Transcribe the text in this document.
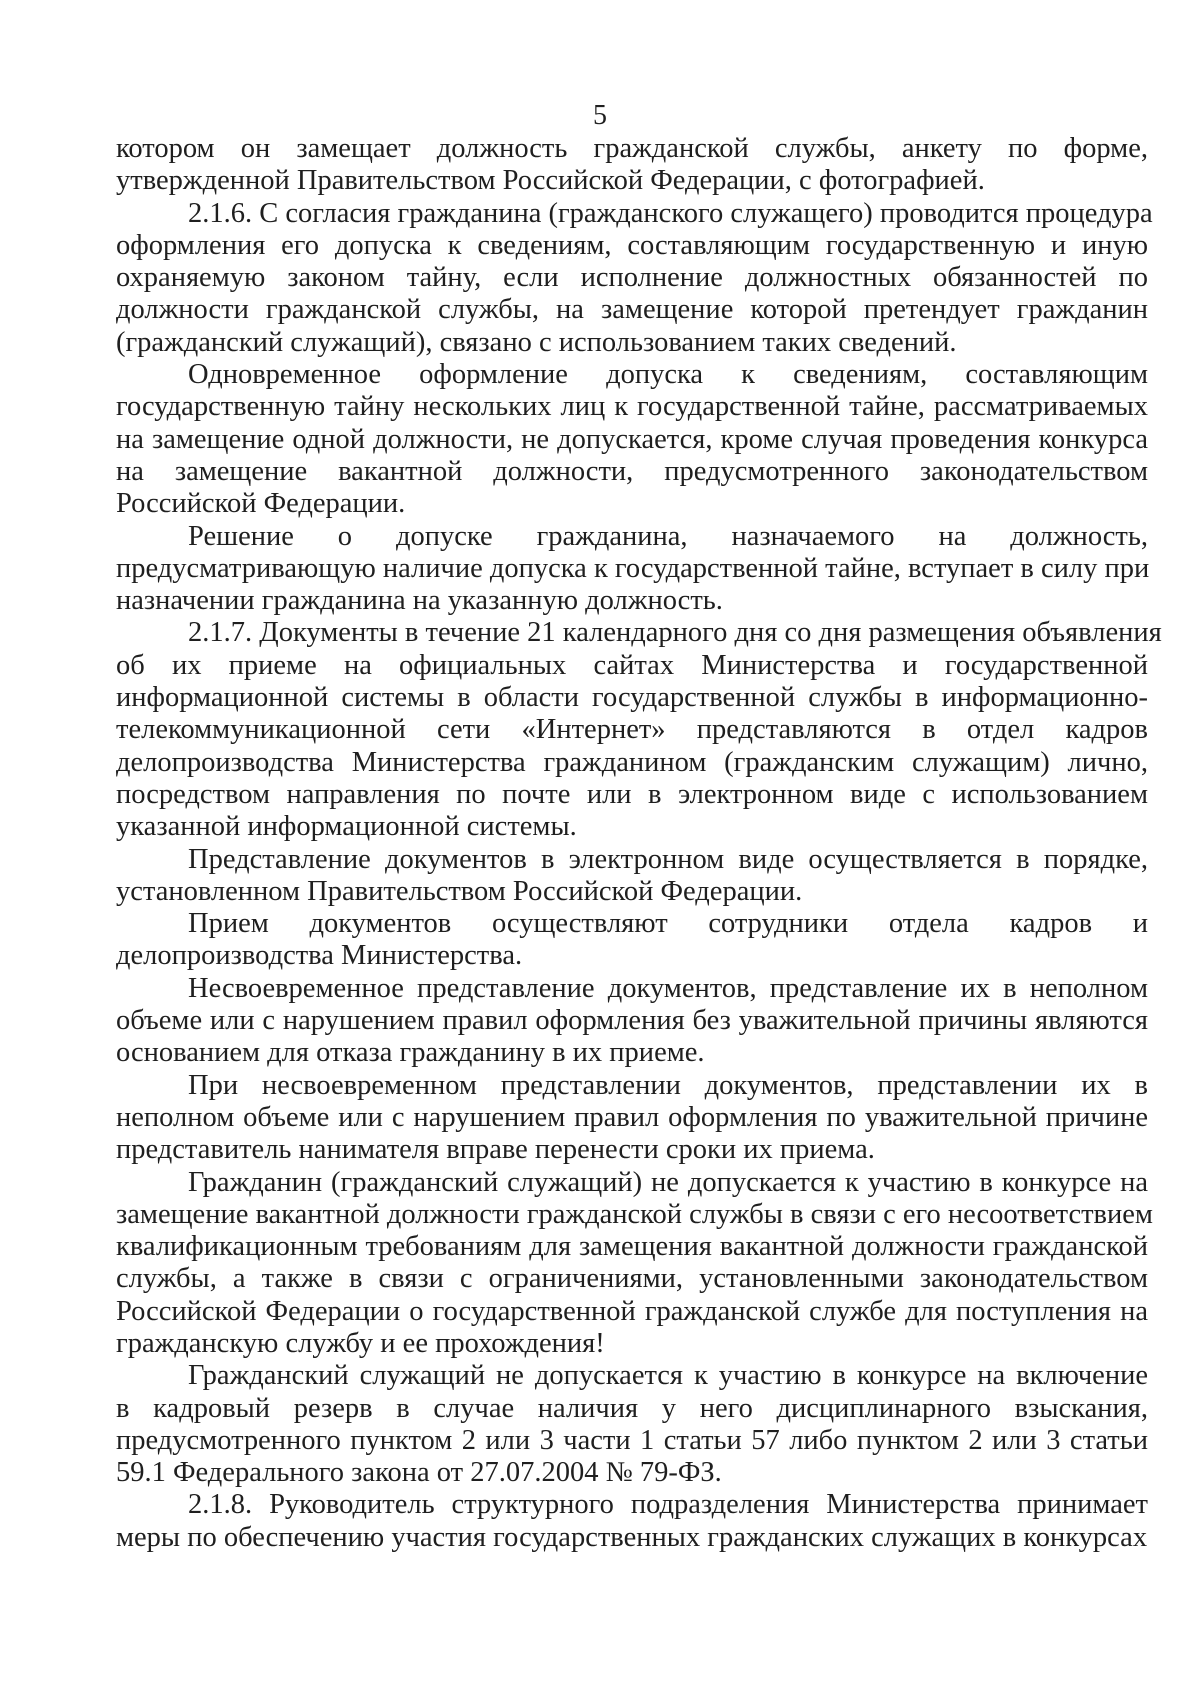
5

котором он замещает должность гражданской службы, анкету по форме,
утвержденной Правительством Российской Федерации, с фотографией.

2.1.6. С согласия гражданина (гражданского служащего) проводится процедура
оформления его допуска к сведениям, составляющим государственную и иную
охраняемую законом тайну, если исполнение должностных обязанностей по
должности гражданской службы, на замещение которой претендует гражданин
(гражданский служащий), связано с использованием таких сведений.

Одновременное оформление допуска к сведениям, составляющим
государственную тайну нескольких лиц к государственной тайне, рассматриваемых
на замещение одной должности, не допускается, кроме случая проведения конкурса
на замещение вакантной должности, предусмотренного законодательством
Российской Федерации.

Решение о допуске гражданина, назначаемого на должность,
предусматривающую наличие допуска к государственной тайне, вступает в силу при
назначении гражданина на указанную должность.

2.1.7. Документы в течение 21 календарного дня со дня размещения объявления
об их приеме на официальных сайтах Министерства и государственной
информационной системы в области государственной службы в информационно-
телекоммуникационной сети «Интернет» представляются в отдел кадров
делопроизводства Министерства гражданином (гражданским служащим) лично,
посредством направления по почте или в электронном виде с использованием
указанной информационной системы.

Представление документов в электронном виде осуществляется в порядке,
установленном Правительством Российской Федерации.

Прием документов осуществляют сотрудники отдела кадров и
делопроизводства Министерства.

Несвоевременное представление документов, представление их в неполном
объеме или с нарушением правил оформления без уважительной причины являются
основанием для отказа гражданину в их приеме.

При несвоевременном представлении документов, представлении их в
неполном объеме или с нарушением правил оформления по уважительной причине
представитель нанимателя вправе перенести сроки их приема.

Гражданин (гражданский служащий) не допускается к участию в конкурсе на
замещение вакантной должности гражданской службы в связи с его несоответствием
квалификационным требованиям для замещения вакантной должности гражданской
службы, а также в связи с ограничениями, установленными законодательством
Российской Федерации о государственной гражданской службе для поступления на
гражданскую службу и ее прохождения!

Гражданский служащий не допускается к участию в конкурсе на включение
в кадровый резерв в случае наличия у него дисциплинарного взыскания,
предусмотренного пунктом 2 или 3 части 1 статьи 57 либо пунктом 2 или 3 статьи
59.1 Федерального закона от 27.07.2004 № 79-ФЗ.

2.1.8. Руководитель структурного подразделения Министерства принимает
меры по обеспечению участия государственных гражданских служащих в конкурсах
